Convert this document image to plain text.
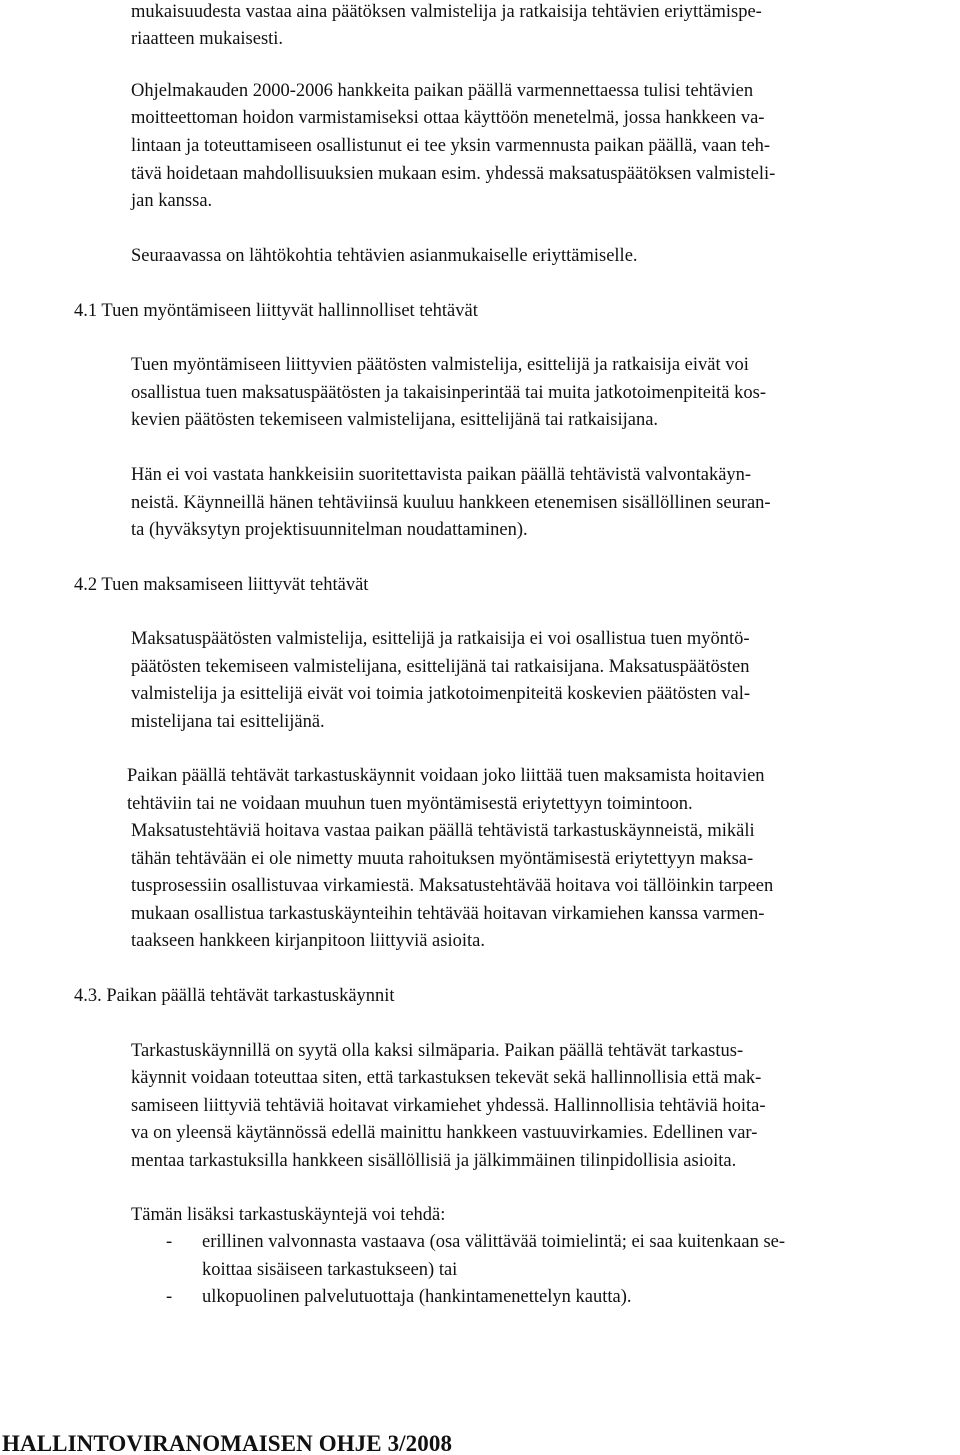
mukaisuudesta vastaa aina päätöksen valmistelija ja ratkaisija tehtävien eriyttämispe-
riaatteen mukaisesti.
Ohjelmakauden 2000-2006 hankkeita paikan päällä varmennettaessa tulisi tehtävien
moitteettoman hoidon varmistamiseksi ottaa käyttöön menetelmä, jossa hankkeen va-
lintaan ja toteuttamiseen osallistunut ei tee yksin varmennusta paikan päällä, vaan teh-
tävä hoidetaan mahdollisuuksien mukaan esim. yhdessä maksatuspäätöksen valmisteli-
jan kanssa.
Seuraavassa on lähtökohtia tehtävien asianmukaiselle eriyttämiselle.
4.1 Tuen myöntämiseen liittyvät hallinnolliset tehtävät
Tuen myöntämiseen liittyvien päätösten valmistelija, esittelijä ja ratkaisija eivät voi
osallistua tuen maksatuspäätösten ja takaisinperintää tai muita jatkotoimenpiteitä kos-
kevien päätösten tekemiseen valmistelijana, esittelijänä tai ratkaisijana.
Hän ei voi vastata hankkeisiin suoritettavista paikan päällä tehtävistä valvontakäyn-
neistä. Käynneillä hänen tehtäviinsä kuuluu hankkeen etenemisen sisällöllinen seuran-
ta (hyväksytyn projektisuunnitelman noudattaminen).
4.2 Tuen maksamiseen liittyvät tehtävät
Maksatuspäätösten valmistelija, esittelijä ja ratkaisija ei voi osallistua tuen myöntö-
päätösten tekemiseen valmistelijana, esittelijänä tai ratkaisijana. Maksatuspäätösten
valmistelija ja esittelijä eivät voi toimia jatkotoimenpiteitä koskevien päätösten val-
mistelijana tai esittelijänä.
Paikan päällä tehtävät tarkastuskäynnit voidaan joko liittää tuen maksamista hoitavien
tehtäviin tai ne voidaan muuhun tuen myöntämisestä eriytettyyn toimintoon.
Maksatustehtäviä hoitava vastaa paikan päällä tehtävistä tarkastuskäynneistä, mikäli
tähän tehtävään ei ole nimetty muuta rahoituksen myöntämisestä eriytettyyn maksa-
tusprosessiin osallistuvaa virkamiestä. Maksatustehtävää hoitava voi tällöinkin tarpeen
mukaan osallistua tarkastuskäynteihin tehtävää hoitavan virkamiehen kanssa varmen-
taakseen hankkeen kirjanpitoon liittyviä asioita.
4.3. Paikan päällä tehtävät tarkastuskäynnit
Tarkastuskäynnillä on syytä olla kaksi silmäparia. Paikan päällä tehtävät tarkastus-
käynnit voidaan toteuttaa siten, että tarkastuksen tekevät sekä hallinnollisia että mak-
samiseen liittyviä tehtäviä hoitavat virkamiehet yhdessä. Hallinnollisia tehtäviä hoita-
va on yleensä käytännössä edellä mainittu hankkeen vastuuvirkamies. Edellinen var-
mentaa tarkastuksilla hankkeen sisällöllisiä ja jälkimmäinen tilinpidollisia asioita.
Tämän lisäksi tarkastuskäyntejä voi tehdä:
- erillinen valvonnasta vastaava (osa välittävää toimielintä; ei saa kuitenkaan se-
koittaa sisäiseen tarkastukseen) tai
- ulkopuolinen palvelutuottaja (hankintamenettelyn kautta).
HALLINTOVIRANOMAISEN OHJE 3/2008
